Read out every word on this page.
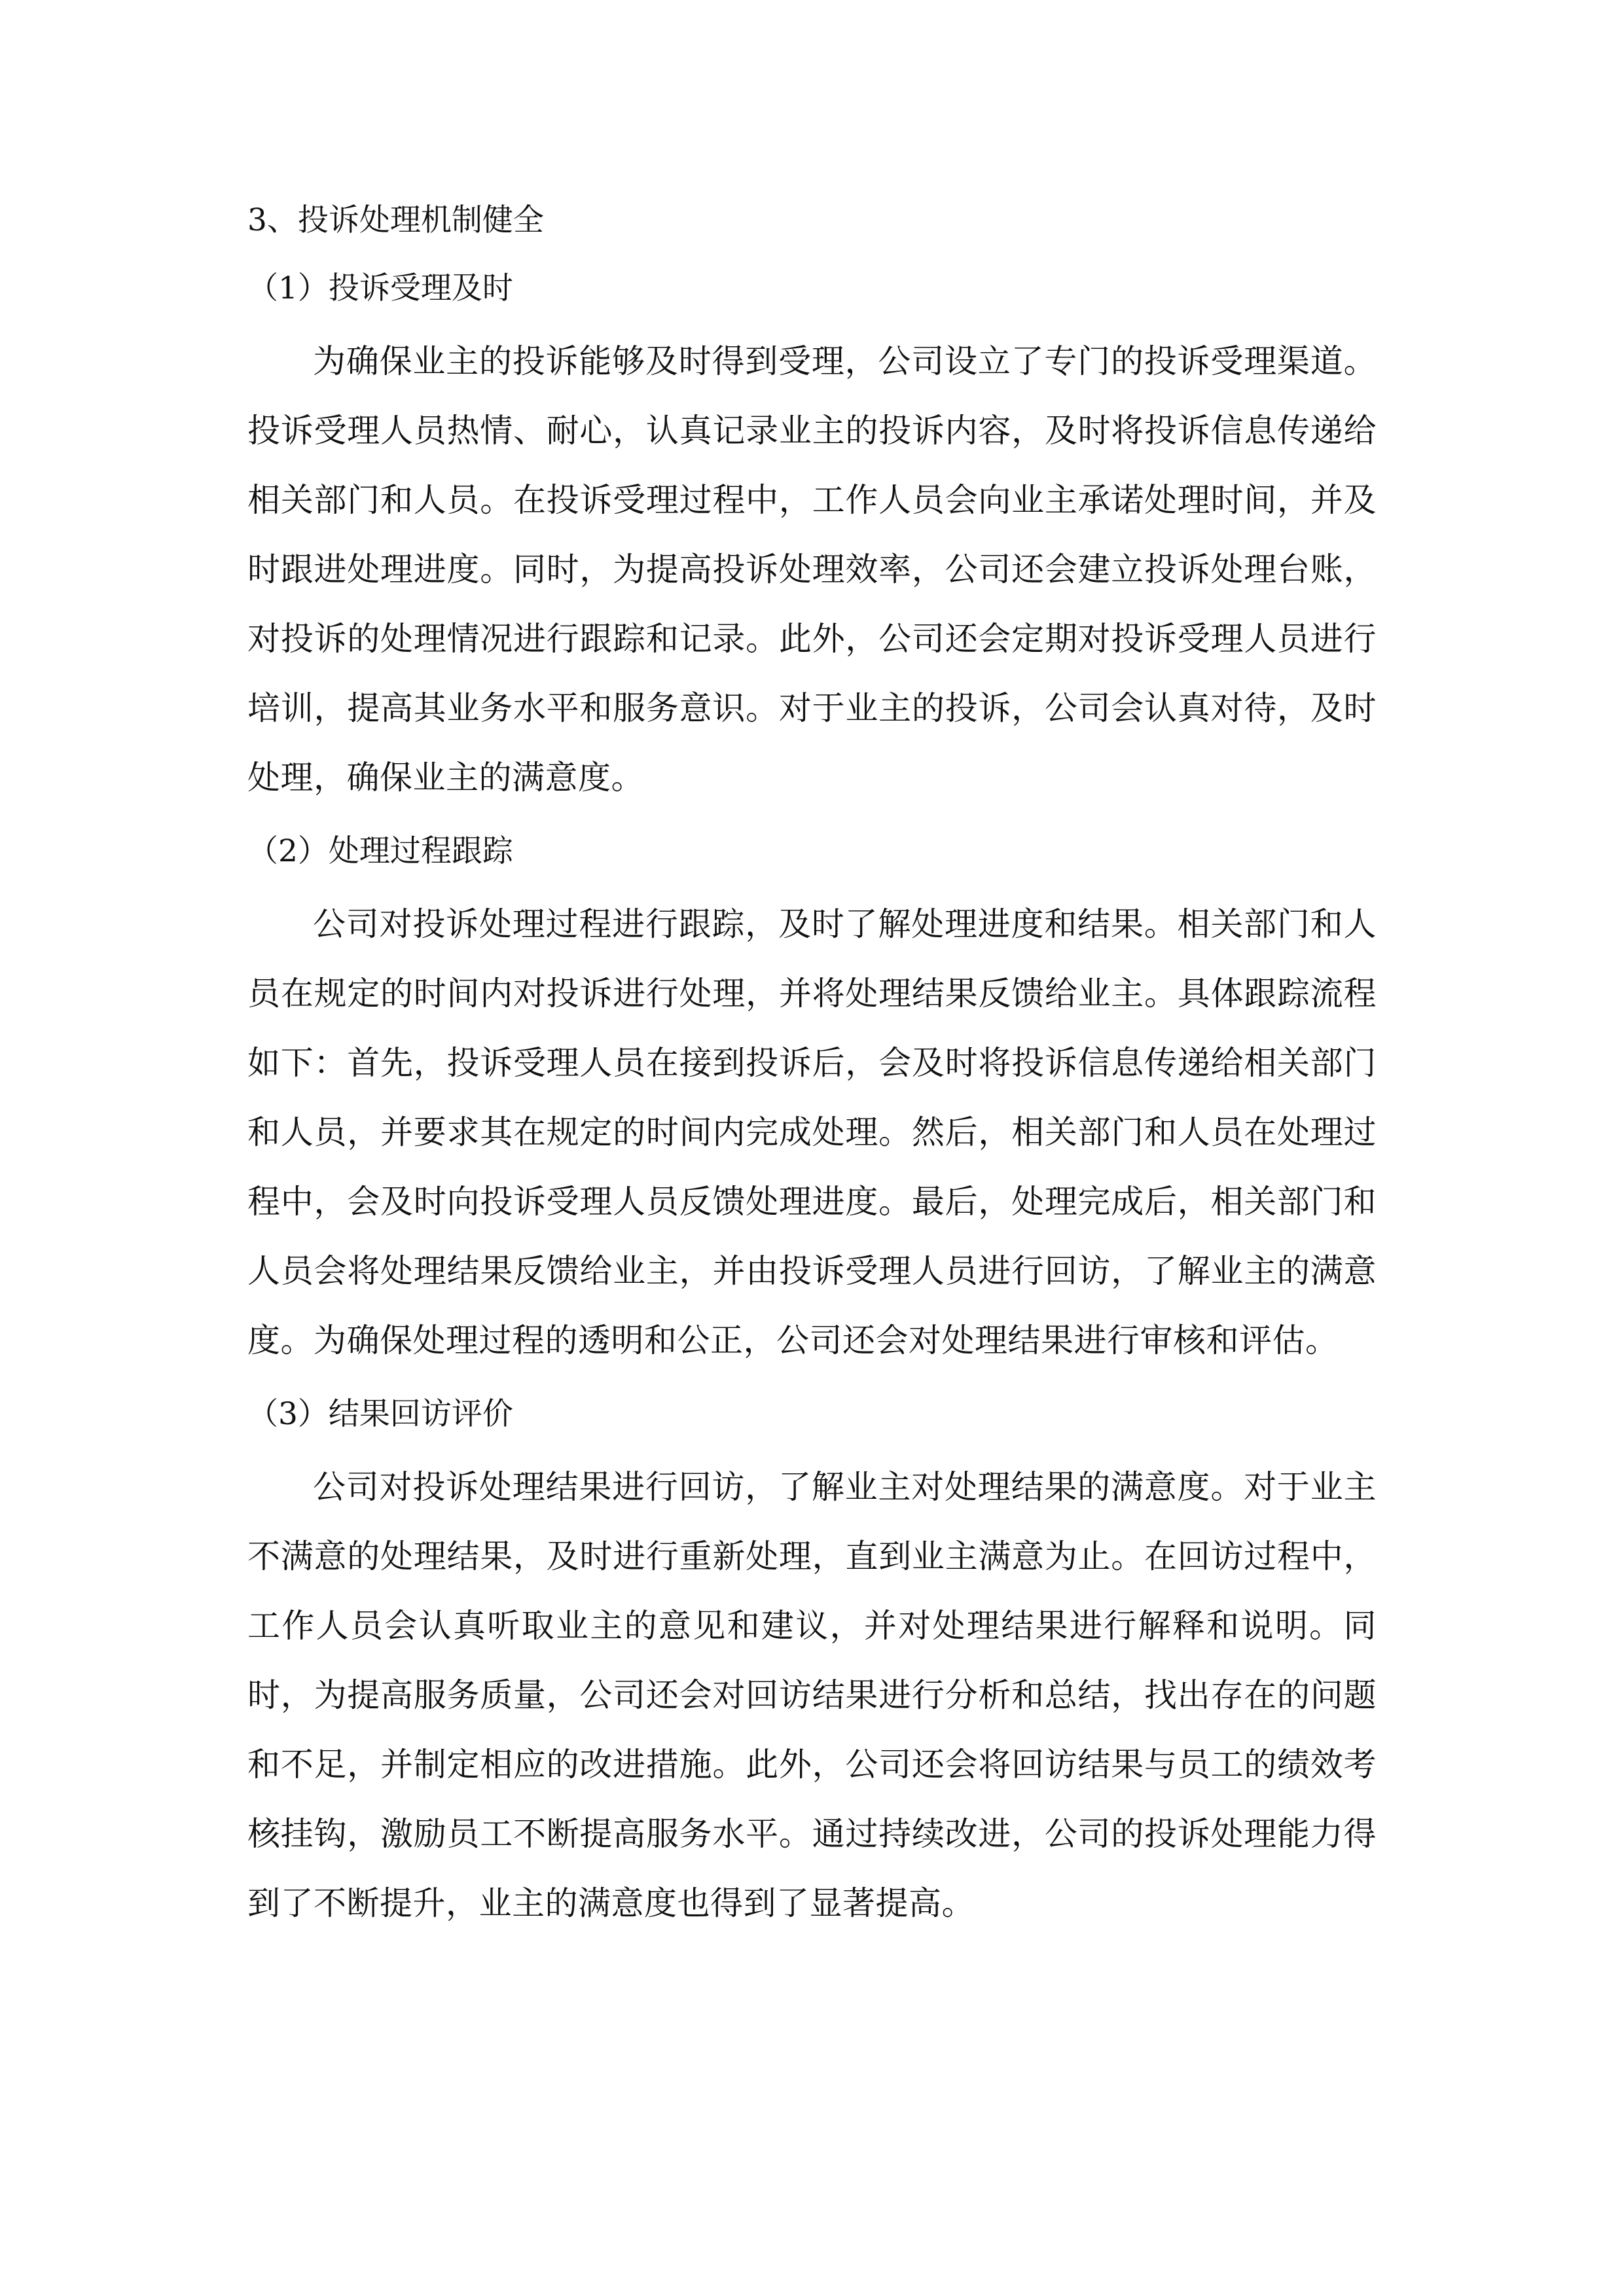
3、投诉处理机制健全

（1）投诉受理及时

为确保业主的投诉能够及时得到受理，公司设立了专门的投诉受理渠道。投诉受理人员热情、耐心，认真记录业主的投诉内容，及时将投诉信息传递给相关部门和人员。在投诉受理过程中，工作人员会向业主承诺处理时间，并及时跟进处理进度。同时，为提高投诉处理效率，公司还会建立投诉处理台账，对投诉的处理情况进行跟踪和记录。此外，公司还会定期对投诉受理人员进行培训，提高其业务水平和服务意识。对于业主的投诉，公司会认真对待，及时处理，确保业主的满意度。

（2）处理过程跟踪

公司对投诉处理过程进行跟踪，及时了解处理进度和结果。相关部门和人员在规定的时间内对投诉进行处理，并将处理结果反馈给业主。具体跟踪流程如下：首先，投诉受理人员在接到投诉后，会及时将投诉信息传递给相关部门和人员，并要求其在规定的时间内完成处理。然后，相关部门和人员在处理过程中，会及时向投诉受理人员反馈处理进度。最后，处理完成后，相关部门和人员会将处理结果反馈给业主，并由投诉受理人员进行回访，了解业主的满意度。为确保处理过程的透明和公正，公司还会对处理结果进行审核和评估。

（3）结果回访评价

公司对投诉处理结果进行回访，了解业主对处理结果的满意度。对于业主不满意的处理结果，及时进行重新处理，直到业主满意为止。在回访过程中，工作人员会认真听取业主的意见和建议，并对处理结果进行解释和说明。同时，为提高服务质量，公司还会对回访结果进行分析和总结，找出存在的问题和不足，并制定相应的改进措施。此外，公司还会将回访结果与员工的绩效考核挂钩，激励员工不断提高服务水平。通过持续改进，公司的投诉处理能力得到了不断提升，业主的满意度也得到了显著提高。
